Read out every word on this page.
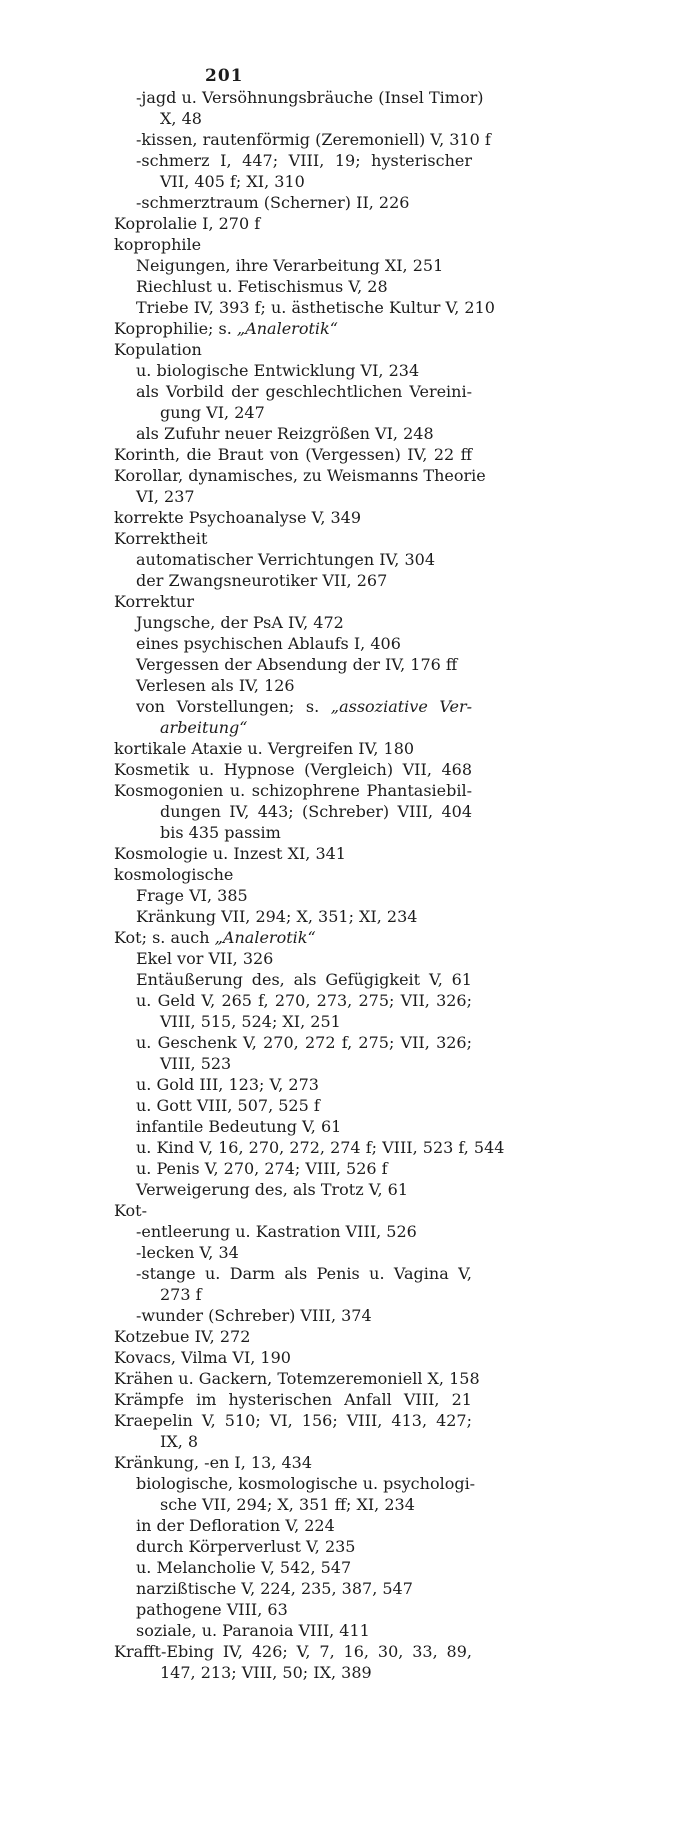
201
-jagd u. Versöhnungsbräuche (Insel Timor)
X, 48
-kissen, rautenförmig (Zeremoniell) V, 310 f
-schmerz I, 447; VIII, 19; hysterischer
VII, 405 f; XI, 310
-schmerztraum (Scherner) II, 226
Koprolalie I, 270 f
koprophile
Neigungen, ihre Verarbeitung XI, 251
Riechlust u. Fetischismus V, 28
Triebe IV, 393 f; u. ästhetische Kultur V, 210
Koprophilie; s. „Analerotik“
Kopulation
u. biologische Entwicklung VI, 234
als Vorbild der geschlechtlichen Vereini-
gung VI, 247
als Zufuhr neuer Reizgrößen VI, 248
Korinth, die Braut von (Vergessen) IV, 22 ff
Korollar, dynamisches, zu Weismanns Theorie
VI, 237
korrekte Psychoanalyse V, 349
Korrektheit
automatischer Verrichtungen IV, 304
der Zwangsneurotiker VII, 267
Korrektur
Jungsche, der PsA IV, 472
eines psychischen Ablaufs I, 406
Vergessen der Absendung der IV, 176 ff
Verlesen als IV, 126
von Vorstellungen; s. „assoziative Ver-
arbeitung“
kortikale Ataxie u. Vergreifen IV, 180
Kosmetik u. Hypnose (Vergleich) VII, 468
Kosmogonien u. schizophrene Phantasiebil-
dungen IV, 443; (Schreber) VIII, 404
bis 435 passim
Kosmologie u. Inzest XI, 341
kosmologische
Frage VI, 385
Kränkung VII, 294; X, 351; XI, 234
Kot; s. auch „Analerotik“
Ekel vor VII, 326
Entäußerung des, als Gefügigkeit V, 61
u. Geld V, 265 f, 270, 273, 275; VII, 326;
VIII, 515, 524; XI, 251
u. Geschenk V, 270, 272 f, 275; VII, 326;
VIII, 523
u. Gold III, 123; V, 273
u. Gott VIII, 507, 525 f
infantile Bedeutung V, 61
u. Kind V, 16, 270, 272, 274 f; VIII, 523 f, 544
u. Penis V, 270, 274; VIII, 526 f
Verweigerung des, als Trotz V, 61
Kot-
-entleerung u. Kastration VIII, 526
-lecken V, 34
-stange u. Darm als Penis u. Vagina V,
273 f
-wunder (Schreber) VIII, 374
Kotzebue IV, 272
Kovacs, Vilma VI, 190
Krähen u. Gackern, Totemzeremoniell X, 158
Krämpfe im hysterischen Anfall VIII, 21
Kraepelin V, 510; VI, 156; VIII, 413, 427;
IX, 8
Kränkung, -en I, 13, 434
biologische, kosmologische u. psychologi-
sche VII, 294; X, 351 ff; XI, 234
in der Defloration V, 224
durch Körperverlust V, 235
u. Melancholie V, 542, 547
narzißtische V, 224, 235, 387, 547
pathogene VIII, 63
soziale, u. Paranoia VIII, 411
Krafft-Ebing IV, 426; V, 7, 16, 30, 33, 89,
147, 213; VIII, 50; IX, 389
